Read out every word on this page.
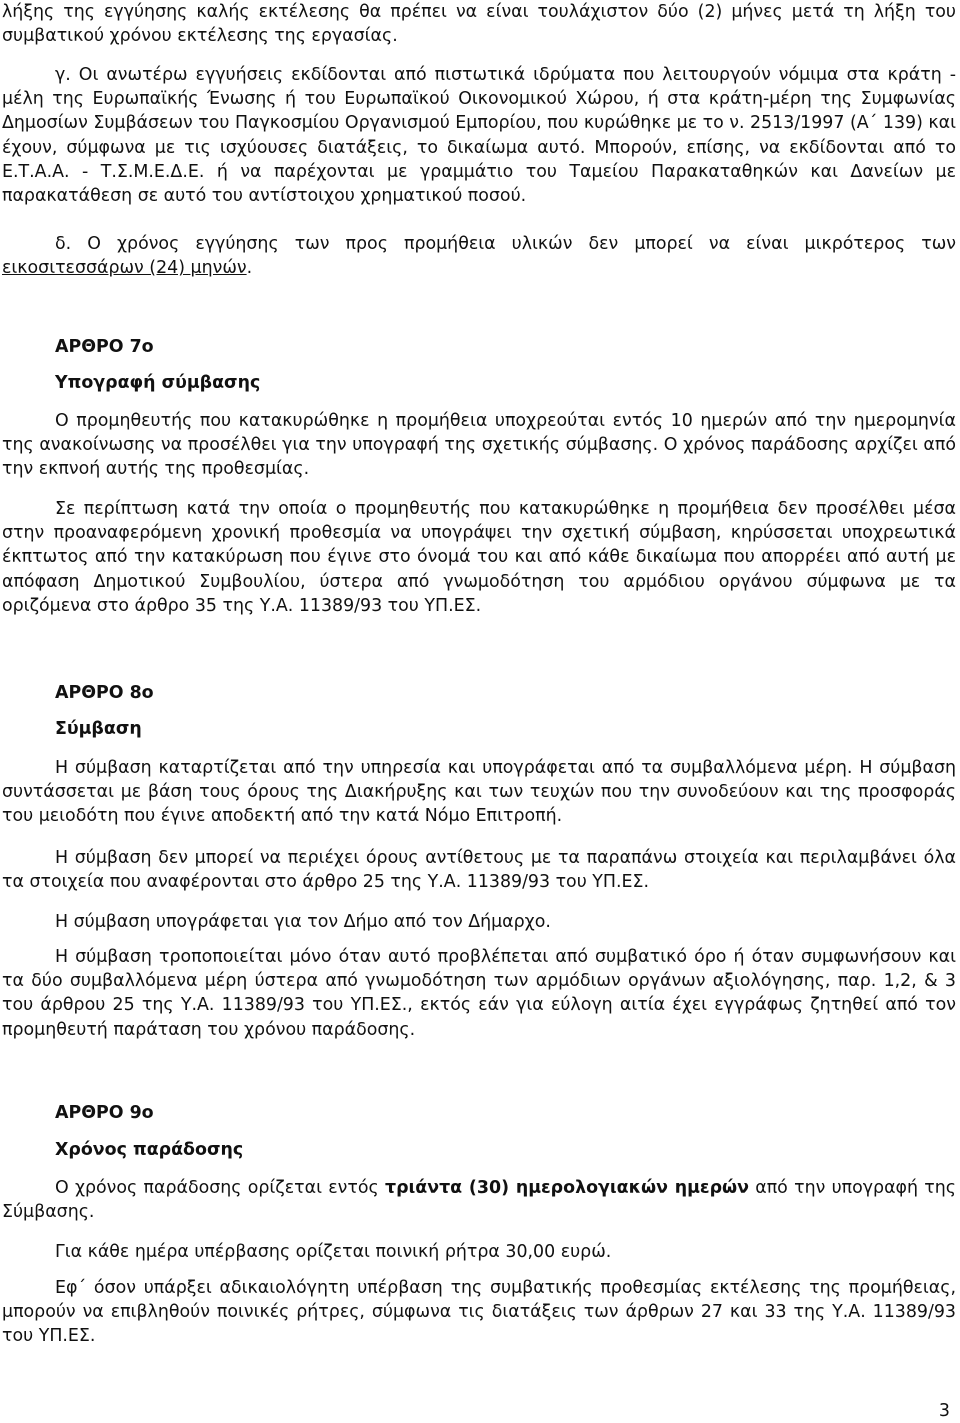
λήξης της εγγύησης καλής εκτέλεσης θα πρέπει να είναι τουλάχιστον δύο (2) μήνες μετά τη λήξη του συμβατικού χρόνου εκτέλεσης της εργασίας.

γ. Οι ανωτέρω εγγυήσεις εκδίδονται από πιστωτικά ιδρύματα που λειτουργούν νόμιμα στα κράτη - μέλη της Ευρωπαϊκής Ένωσης ή του Ευρωπαϊκού Οικονομικού Χώρου, ή στα κράτη-μέρη της Συμφωνίας Δημοσίων Συμβάσεων του Παγκοσμίου Οργανισμού Εμπορίου, που κυρώθηκε με το ν. 2513/1997 (Α΄ 139) και έχουν, σύμφωνα με τις ισχύουσες διατάξεις, το δικαίωμα αυτό. Μπορούν, επίσης, να εκδίδονται από το Ε.Τ.Α.Α. - Τ.Σ.Μ.Ε.Δ.Ε. ή να παρέχονται με γραμμάτιο του Ταμείου Παρακαταθηκών και Δανείων με παρακατάθεση σε αυτό του αντίστοιχου χρηματικού ποσού.

δ. Ο χρόνος εγγύησης των προς προμήθεια υλικών δεν μπορεί να είναι μικρότερος των εικοσιτεσσάρων (24) μηνών.

ΑΡΘΡΟ 7ο
Υπογραφή σύμβασης

Ο προμηθευτής που κατακυρώθηκε η προμήθεια υποχρεούται εντός 10 ημερών από την ημερομηνία της ανακοίνωσης να προσέλθει για την υπογραφή της σχετικής σύμβασης. Ο χρόνος παράδοσης αρχίζει από την εκπνοή αυτής της προθεσμίας.

Σε περίπτωση κατά την οποία ο προμηθευτής που κατακυρώθηκε η προμήθεια δεν προσέλθει μέσα στην προαναφερόμενη χρονική προθεσμία να υπογράψει την σχετική σύμβαση, κηρύσσεται υποχρεωτικά έκπτωτος από την κατακύρωση που έγινε στο όνομά του και από κάθε δικαίωμα που απορρέει από αυτή με απόφαση Δημοτικού Συμβουλίου, ύστερα από γνωμοδότηση του αρμόδιου οργάνου σύμφωνα με τα οριζόμενα στο άρθρο 35 της Υ.Α. 11389/93 του ΥΠ.ΕΣ.

ΑΡΘΡΟ 8ο
Σύμβαση

Η σύμβαση καταρτίζεται από την υπηρεσία και υπογράφεται από τα συμβαλλόμενα μέρη. Η σύμβαση συντάσσεται με βάση τους όρους της Διακήρυξης και των τευχών που την συνοδεύουν και της προσφοράς του μειοδότη που έγινε αποδεκτή από την κατά Νόμο Επιτροπή.

Η σύμβαση δεν μπορεί να περιέχει όρους αντίθετους με τα παραπάνω στοιχεία και περιλαμβάνει όλα τα στοιχεία που αναφέρονται στο άρθρο 25 της Υ.Α. 11389/93 του ΥΠ.ΕΣ.

Η σύμβαση υπογράφεται για τον Δήμο από τον Δήμαρχο.

Η σύμβαση τροποποιείται μόνο όταν αυτό προβλέπεται από συμβατικό όρο ή όταν συμφωνήσουν και τα δύο συμβαλλόμενα μέρη ύστερα από γνωμοδότηση των αρμόδιων οργάνων αξιολόγησης, παρ. 1,2, & 3 του άρθρου 25 της Υ.Α. 11389/93 του ΥΠ.ΕΣ., εκτός εάν για εύλογη αιτία έχει εγγράφως ζητηθεί από τον προμηθευτή παράταση του χρόνου παράδοσης.

ΑΡΘΡΟ 9ο
Χρόνος παράδοσης

Ο χρόνος παράδοσης ορίζεται εντός τριάντα (30) ημερολογιακών ημερών από την υπογραφή της Σύμβασης.

Για κάθε ημέρα υπέρβασης ορίζεται ποινική ρήτρα 30,00 ευρώ.

Εφ΄ όσον υπάρξει αδικαιολόγητη υπέρβαση της συμβατικής προθεσμίας εκτέλεσης της προμήθειας, μπορούν να επιβληθούν ποινικές ρήτρες, σύμφωνα τις διατάξεις των άρθρων 27 και 33 της Υ.Α. 11389/93 του ΥΠ.ΕΣ.

3
